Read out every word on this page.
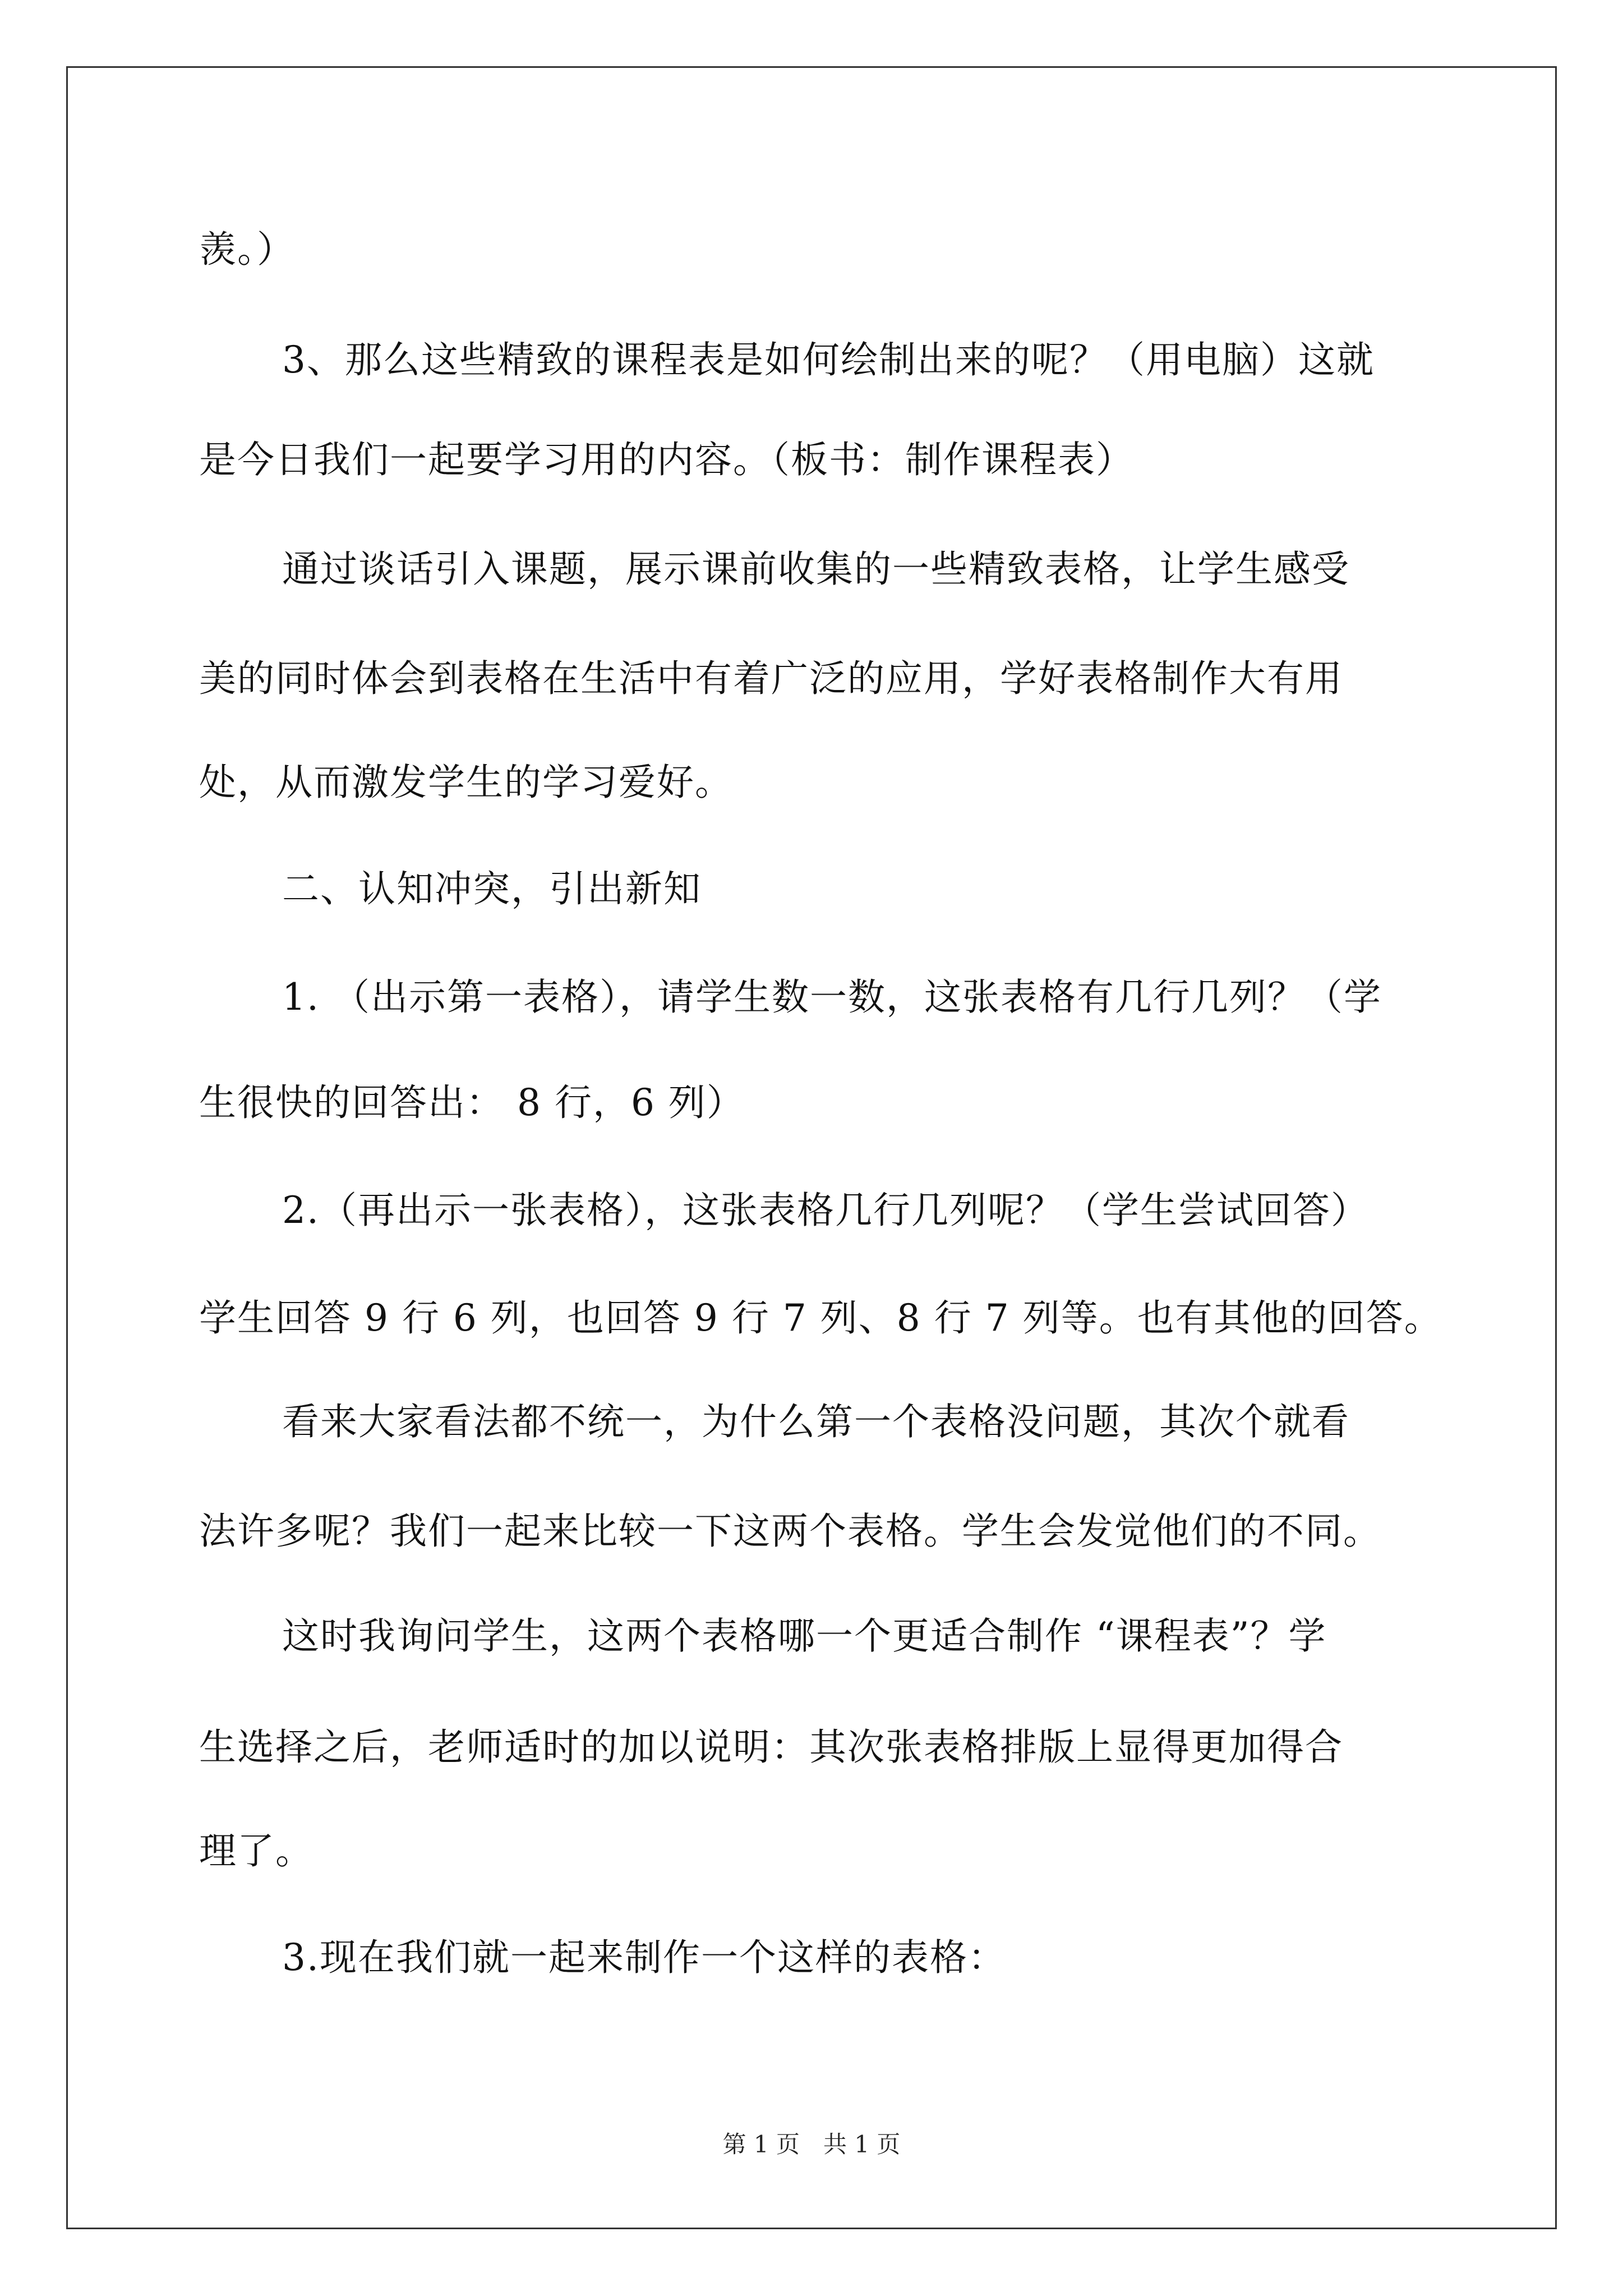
羡。）
3、那么这些精致的课程表是如何绘制出来的呢？（用电脑）这就
是今日我们一起要学习用的内容。（板书：制作课程表）
通过谈话引入课题，展示课前收集的一些精致表格，让学生感受
美的同时体会到表格在生活中有着广泛的应用，学好表格制作大有用
处，从而激发学生的学习爱好。
二、认知冲突，引出新知
1. （出示第一表格），请学生数一数，这张表格有几行几列？（学
生很快的回答出： 8 行，6 列）
2.（再出示一张表格），这张表格几行几列呢？（学生尝试回答）
学生回答 9 行 6 列，也回答 9 行 7 列、8 行 7 列等。也有其他的回答。
看来大家看法都不统一，为什么第一个表格没问题，其次个就看
法许多呢？我们一起来比较一下这两个表格。学生会发觉他们的不同。
这时我询问学生，这两个表格哪一个更适合制作 “课程表”？学
生选择之后，老师适时的加以说明：其次张表格排版上显得更加得合
理了。
3.现在我们就一起来制作一个这样的表格：
第 1 页　共 1 页
